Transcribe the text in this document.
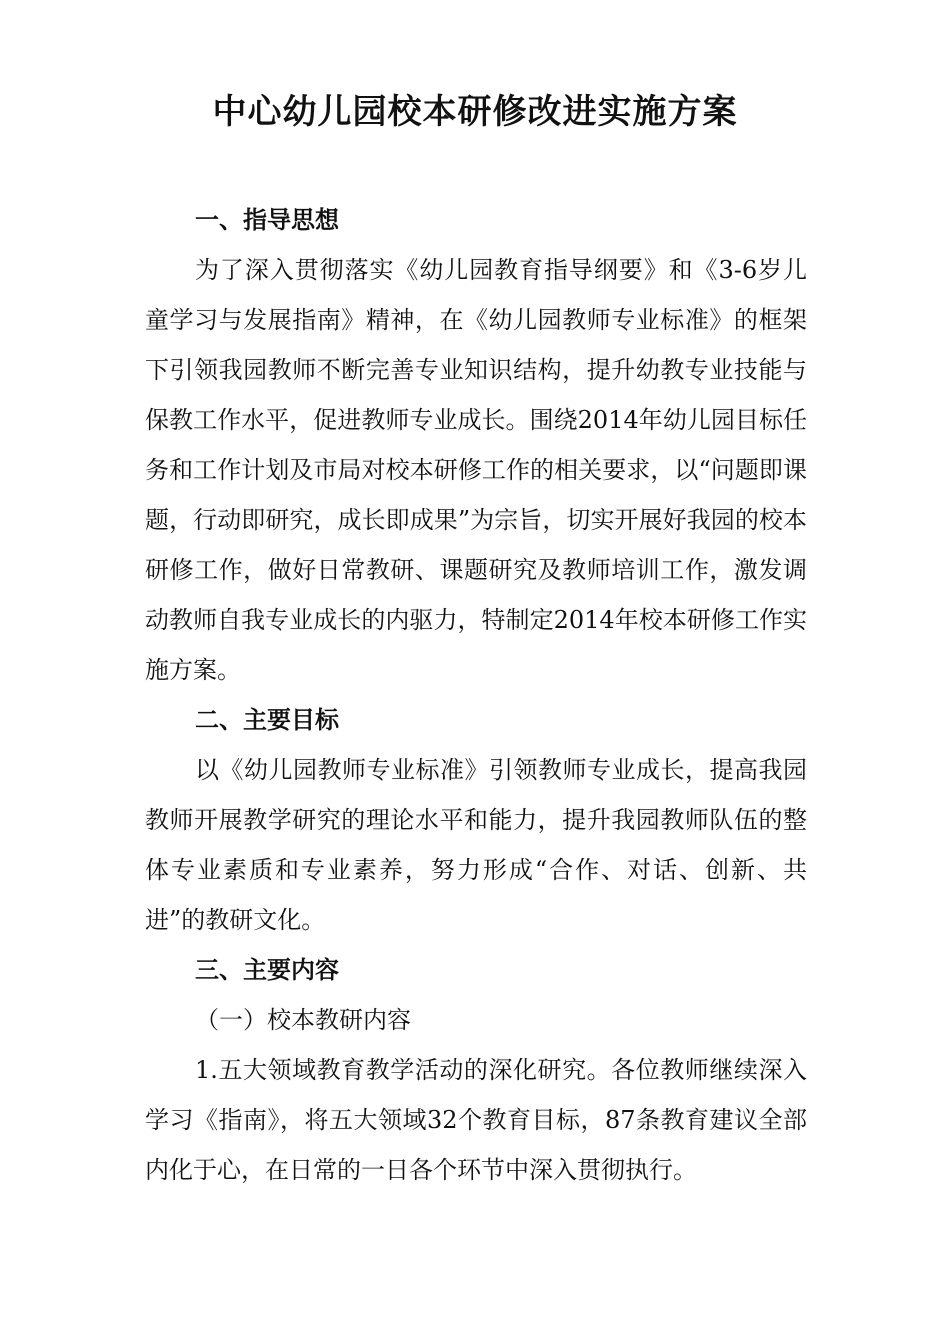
中心幼儿园校本研修改进实施方案

一、指导思想

为了深入贯彻落实《幼儿园教育指导纲要》和《3-6岁儿童学习与发展指南》精神，在《幼儿园教师专业标准》的框架下引领我园教师不断完善专业知识结构，提升幼教专业技能与保教工作水平，促进教师专业成长。围绕2014年幼儿园目标任务和工作计划及市局对校本研修工作的相关要求，以“问题即课题，行动即研究，成长即成果”为宗旨，切实开展好我园的校本研修工作，做好日常教研、课题研究及教师培训工作，激发调动教师自我专业成长的内驱力，特制定2014年校本研修工作实施方案。

二、主要目标

以《幼儿园教师专业标准》引领教师专业成长，提高我园教师开展教学研究的理论水平和能力，提升我园教师队伍的整体专业素质和专业素养，努力形成“合作、对话、创新、共进”的教研文化。

三、主要内容

（一）校本教研内容

1.五大领域教育教学活动的深化研究。各位教师继续深入学习《指南》，将五大领域32个教育目标，87条教育建议全部内化于心，在日常的一日各个环节中深入贯彻执行。
